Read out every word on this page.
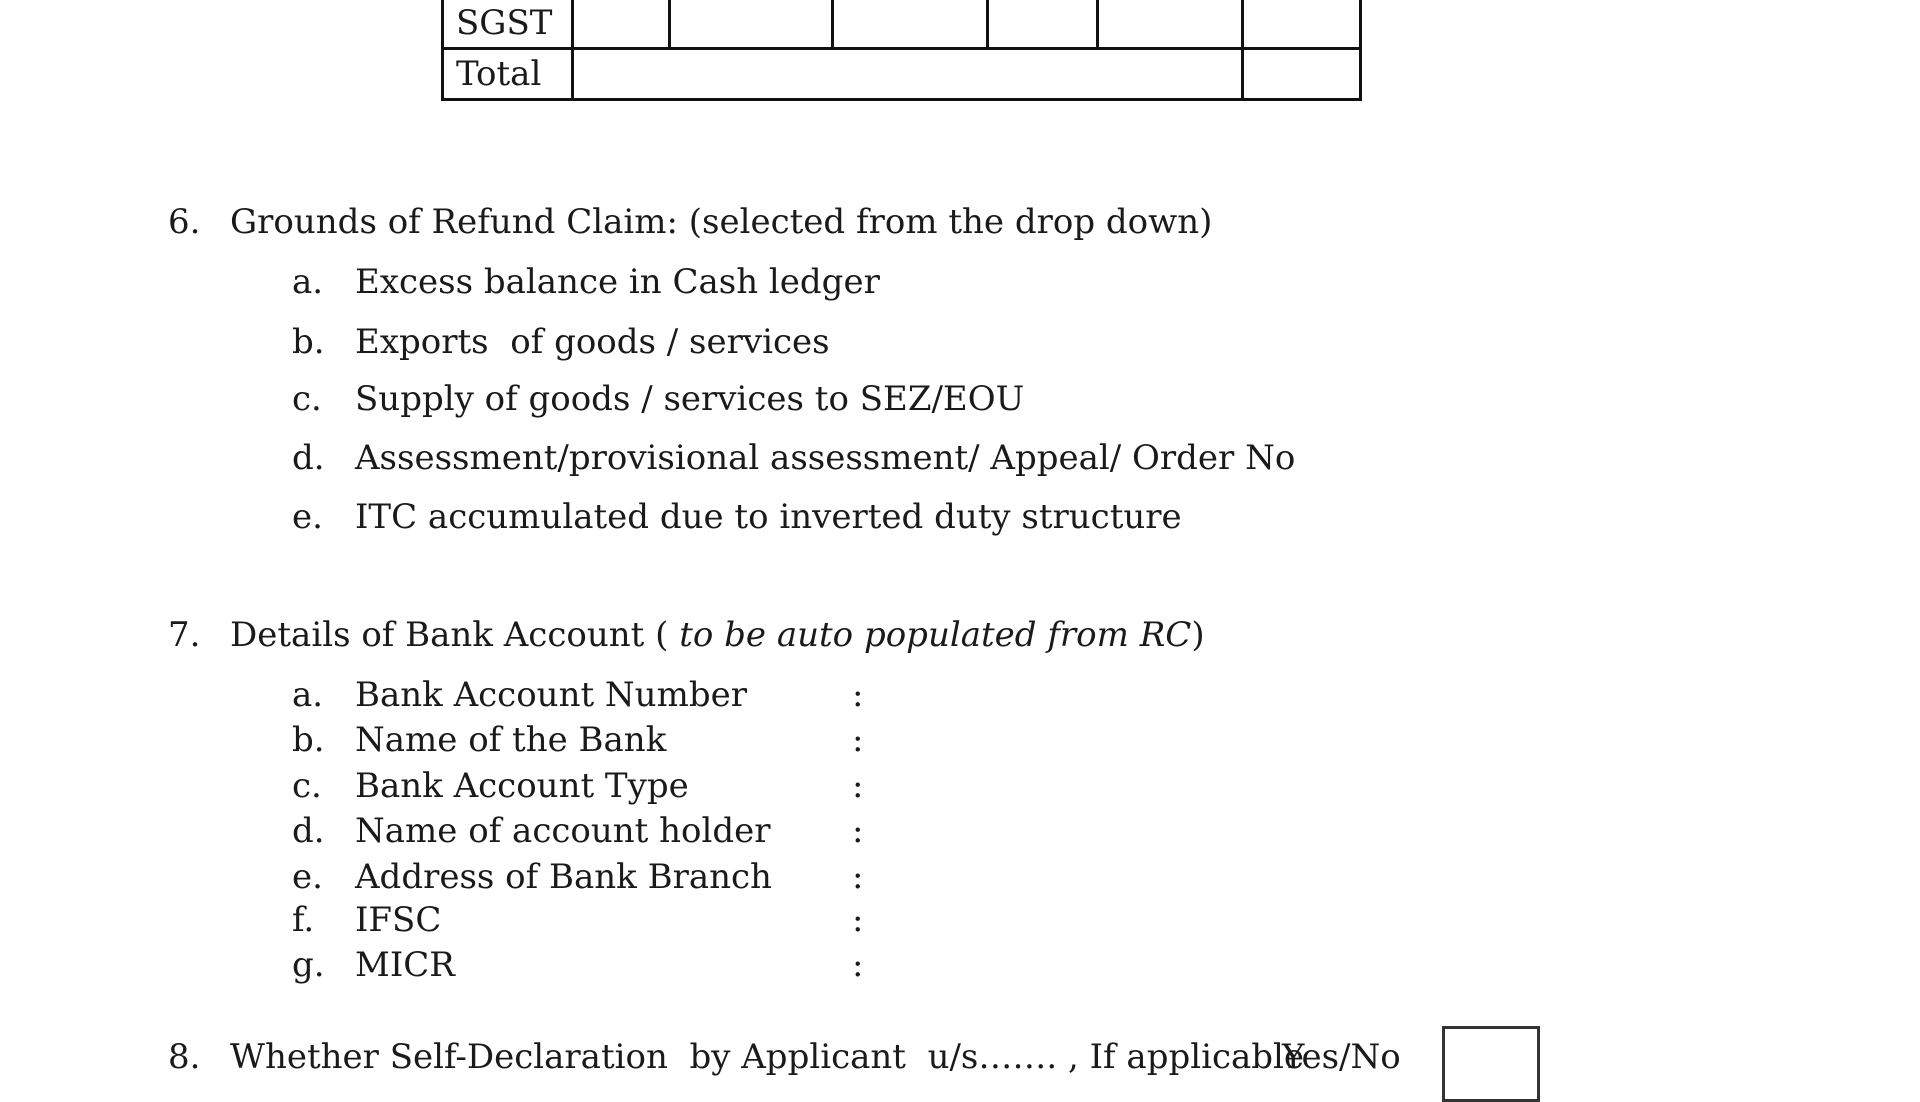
SGST						
Total						
6. Grounds of Refund Claim: (selected from the drop down)
a. Excess balance in Cash ledger
b. Exports  of goods / services
c. Supply of goods / services to SEZ/EOU
d. Assessment/provisional assessment/ Appeal/ Order No
e. ITC accumulated due to inverted duty structure
7. Details of Bank Account ( to be auto populated from RC)
a. Bank Account Number	:
b. Name of the Bank	:
c. Bank Account Type	:
d. Name of account holder :
e. Address of Bank Branch :
f. IFSC	:
g. MICR	:
8. Whether Self-Declaration  by Applicant  u/s……. , If applicable
Yes/No
